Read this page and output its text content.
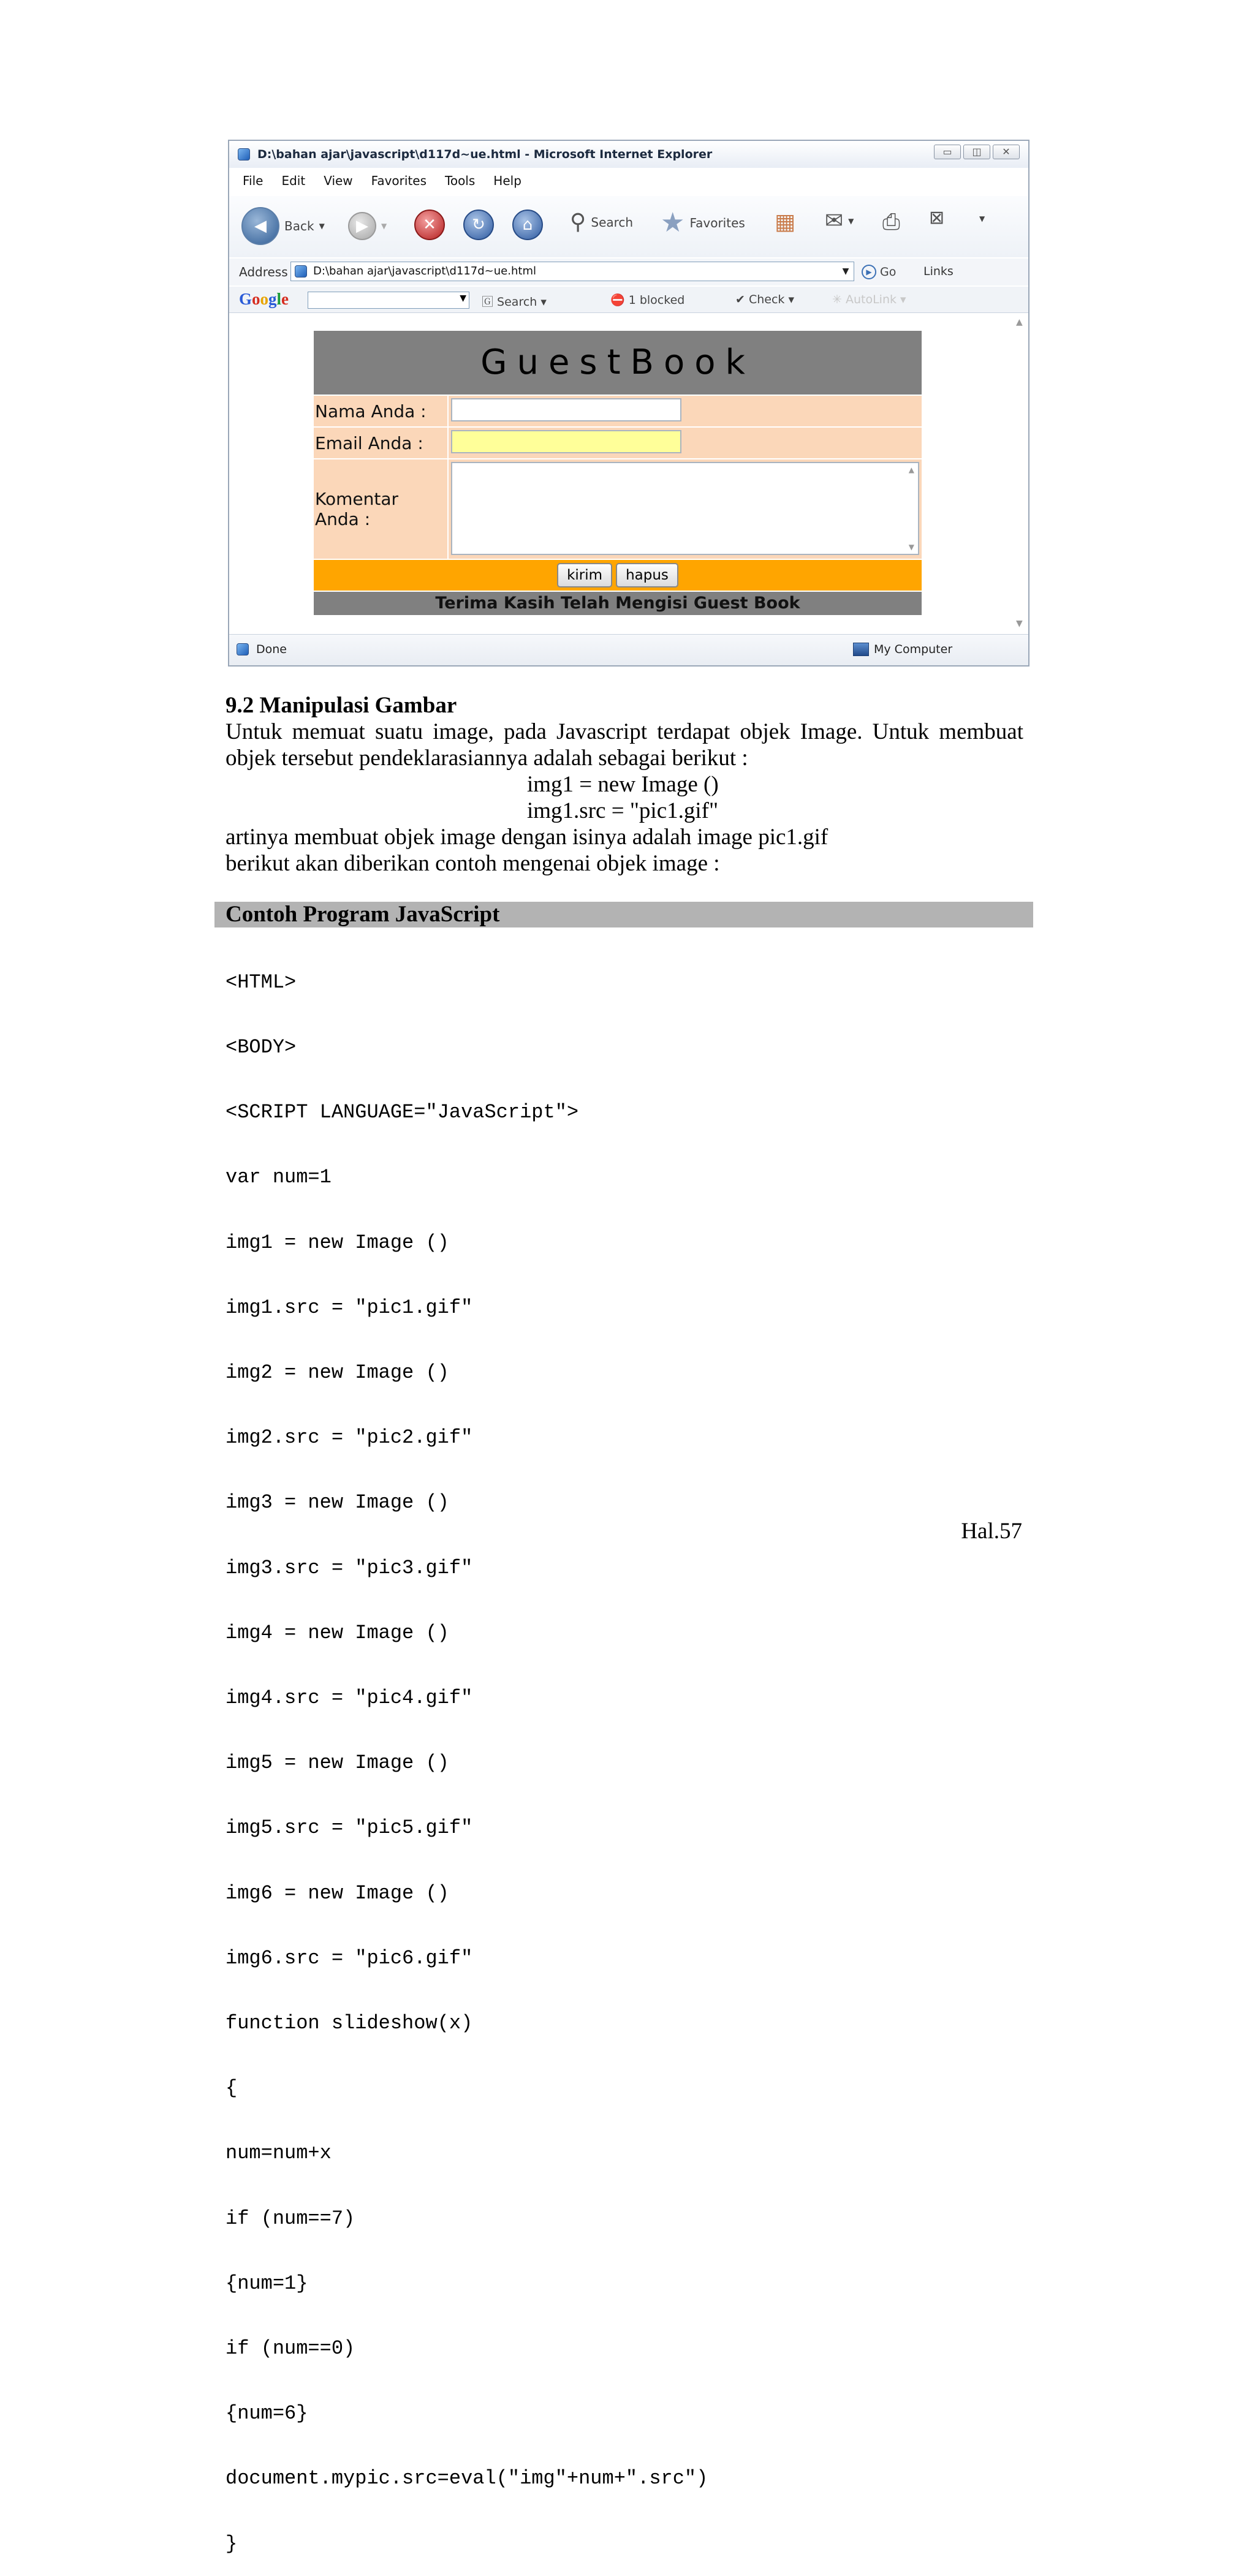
D:\bahan ajar\javascript\d117d~ue.html - Microsoft Internet Explorer	▭	◫	✕
File Edit View Favorites Tools Help
◀	Back ▼	▶	▼	✕	↻	⌂	⚲ Search ★ Favorites ▦ ✉ ▼ ⎙ ⊠	▼
Address	D:\bahan ajar\javascript\d117d~ue.html	▼	▶ Go Links
Google	▼ 🄶 Search ▾	⛔ 1 blocked	✔ Check ▾	✳ AutoLink ▾
GuestBook
Nama Anda :
Email Anda :
Komentar Anda :
▲
▼
kirim	hapus
Terima Kasih Telah Mengisi Guest Book
▲
▼
Done	My Computer
9.2 Manipulasi Gambar
Untuk memuat suatu image, pada Javascript terdapat objek Image. Untuk membuat objek tersebut pendeklarasiannya adalah sebagai berikut :
img1 = new Image ()
img1.src = "pic1.gif"
artinya membuat objek image dengan isinya adalah image pic1.gif
berikut akan diberikan contoh mengenai objek image :
Contoh Program JavaScript

<HTML>

<BODY>

<SCRIPT LANGUAGE="JavaScript">

var num=1

img1 = new Image ()

img1.src = "pic1.gif"

img2 = new Image ()

img2.src = "pic2.gif"

img3 = new Image ()

img3.src = "pic3.gif"

img4 = new Image ()

img4.src = "pic4.gif"

img5 = new Image ()

img5.src = "pic5.gif"

img6 = new Image ()

img6.src = "pic6.gif"

function slideshow(x)

{

num=num+x

if (num==7)

{num=1}

if (num==0)

{num=6}

document.mypic.src=eval("img"+num+".src")

}

Hal.57
